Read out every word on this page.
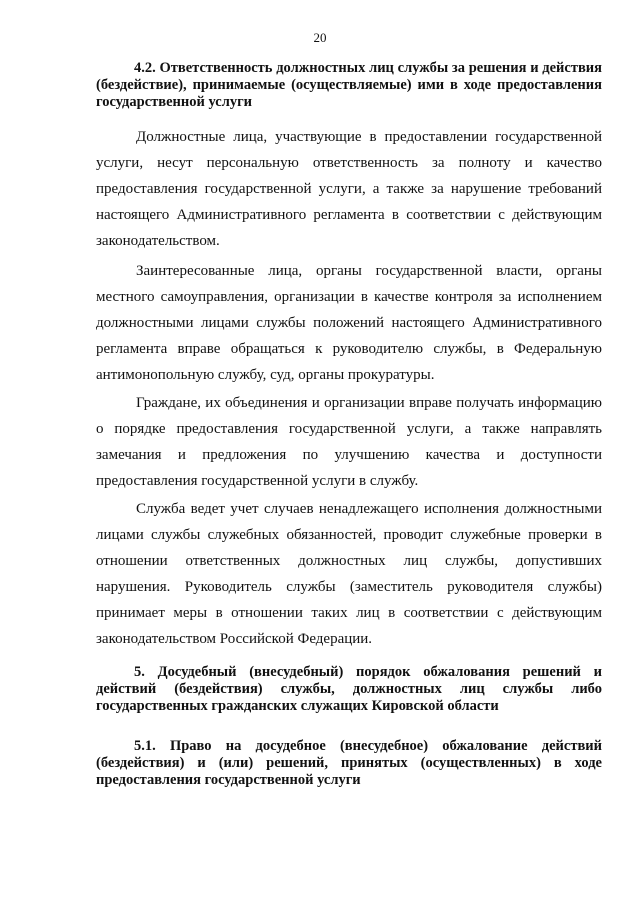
20

4.2. Ответственность должностных лиц службы за решения и действия (бездействие), принимаемые (осуществляемые) ими в ходе предоставления государственной услуги

Должностные лица, участвующие в предоставлении государственной услуги, несут персональную ответственность за полноту и качество предоставления государственной услуги, а также за нарушение требований настоящего Административного регламента в соответствии с действующим законодательством.

Заинтересованные лица, органы государственной власти, органы местного самоуправления, организации в качестве контроля за исполнением должностными лицами службы положений настоящего Административного регламента вправе обращаться к руководителю службы, в Федеральную антимонопольную службу, суд, органы прокуратуры.

Граждане, их объединения и организации вправе получать информацию о порядке предоставления государственной услуги, а также направлять замечания и предложения по улучшению качества и доступности предоставления государственной услуги в службу.

Служба ведет учет случаев ненадлежащего исполнения должностными лицами службы служебных обязанностей, проводит служебные проверки в отношении ответственных должностных лиц службы, допустивших нарушения. Руководитель службы (заместитель руководителя службы) принимает меры в отношении таких лиц в соответствии с действующим законодательством Российской Федерации.

5. Досудебный (внесудебный) порядок обжалования решений и действий (бездействия) службы, должностных лиц службы либо государственных гражданских служащих Кировской области

5.1. Право на досудебное (внесудебное) обжалование действий (бездействия) и (или) решений, принятых (осуществленных) в ходе предоставления государственной услуги
